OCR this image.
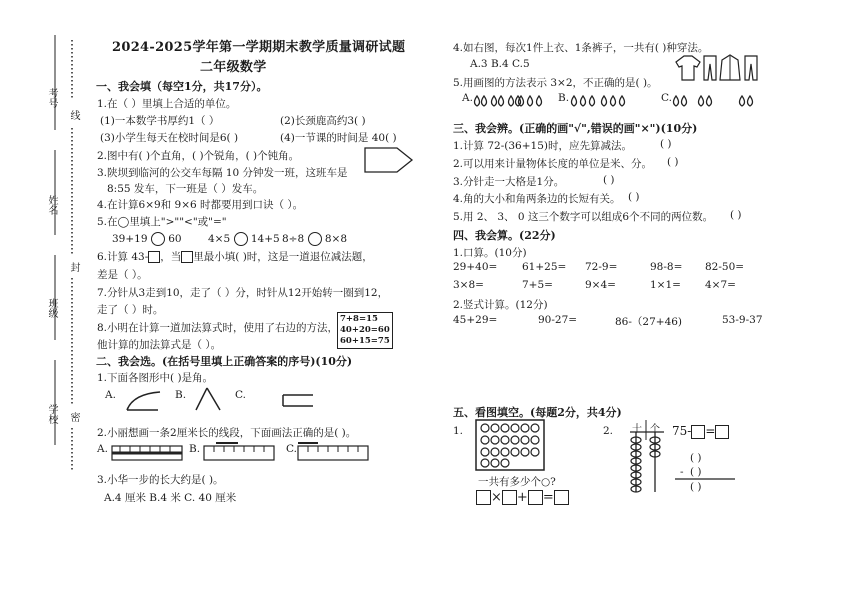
考号
姓名
班级
学校
线
封
密
2024-2025学年第一学期期末教学质量调研试题
二年级数学
一、我会填（每空1分，共17分）。
1.在（ ）里填上合适的单位。
(1)一本数学书厚约1（ ）	(2)长颈鹿高约3( )
(3)小学生每天在校时间是6( )	(4)一节课的时间是 40( )
2.图中有( )个直角，( )个锐角，( )个钝角。
3.陕坝到临河的公交车每隔 10 分钟发一班，这班车是
8:55 发车，下一班是（ ）发车。
4.在计算6×9和 9×6 时都要用到口诀（ ）。
5.在◯里填上">""<"或"="
39+19 60	4×5 14+5 8÷8 8×8
6.计算 43- ，当 里最小填( )时，这是一道退位减法题，
差是（ ）。
7.分针从3走到10，走了（ ）分，时针从12开始转一圈到12，
走了（ ）时。
8.小明在计算一道加法算式时，使用了右边的方法，
他计算的加法算式是（ ）。
7+8=15
40+20=60
60+15=75
二、我会选。(在括号里填上正确答案的序号)(10分)
1.下面各图形中( )是角。
A.	B.	C.
2.小丽想画一条2厘米长的线段，下面画法正确的是( )。
A.	B.	C.
3.小华一步的长大约是( )。
A.4 厘米 B.4 米 C. 40 厘米
4.如右图，每次1件上衣、1条裤子，一共有( )种穿法。
A.3 B.4 C.5
5.用画图的方法表示 3×2，不正确的是( )。
A.	B.	C.
三、我会辨。(正确的画"√",错误的画"×")(10分)
1.计算 72-(36+15)时，应先算减法。	( )
2.可以用来计量物体长度的单位是米、分。 ( )
3.分针走一大格是1分。	( )
4.角的大小和角两条边的长短有关。 ( )
5.用 2、 3、 0 这三个数字可以组成6个不同的两位数。 ( )
四、我会算。(22分)
1.口算。(10分)
29+40= 61+25= 72-9=	98-8= 82-50=
3×8=	7+5=	9×4=	1×1= 4×7=
2.竖式计算。(12分)
45+29=	90-27=	86-（27+46)	53-9-37
五、看图填空。(每题2分，共4分)
1.
一共有多少个○?
× + =
2. 十 个 75- =
( )
- ( )
( )
